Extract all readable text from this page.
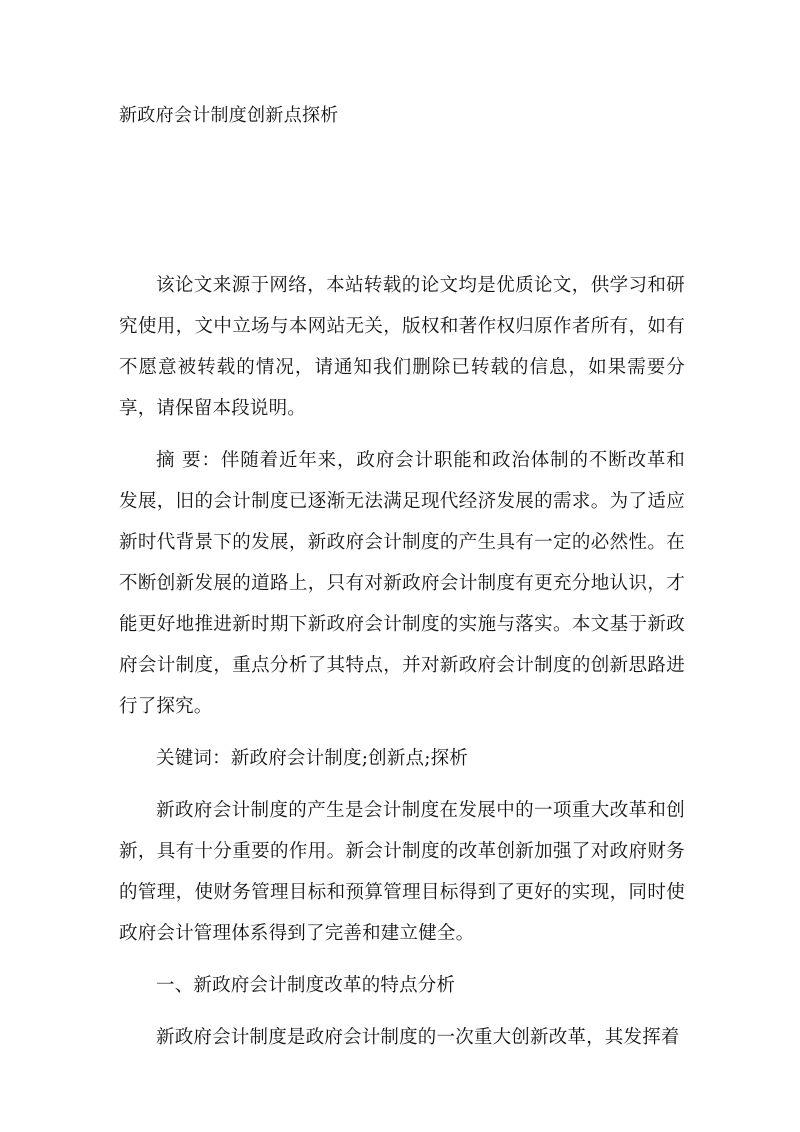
新政府会计制度创新点探析

该论文来源于网络，本站转载的论文均是优质论文，供学习和研究使用，文中立场与本网站无关，版权和著作权归原作者所有，如有不愿意被转载的情况，请通知我们删除已转载的信息，如果需要分享，请保留本段说明。

摘 要：伴随着近年来，政府会计职能和政治体制的不断改革和发展，旧的会计制度已逐渐无法满足现代经济发展的需求。为了适应新时代背景下的发展，新政府会计制度的产生具有一定的必然性。在不断创新发展的道路上，只有对新政府会计制度有更充分地认识，才能更好地推进新时期下新政府会计制度的实施与落实。本文基于新政府会计制度，重点分析了其特点，并对新政府会计制度的创新思路进行了探究。

关键词：新政府会计制度;创新点;探析

新政府会计制度的产生是会计制度在发展中的一项重大改革和创新，具有十分重要的作用。新会计制度的改革创新加强了对政府财务的管理，使财务管理目标和预算管理目标得到了更好的实现，同时使政府会计管理体系得到了完善和建立健全。

一、新政府会计制度改革的特点分析

新政府会计制度是政府会计制度的一次重大创新改革，其发挥着
